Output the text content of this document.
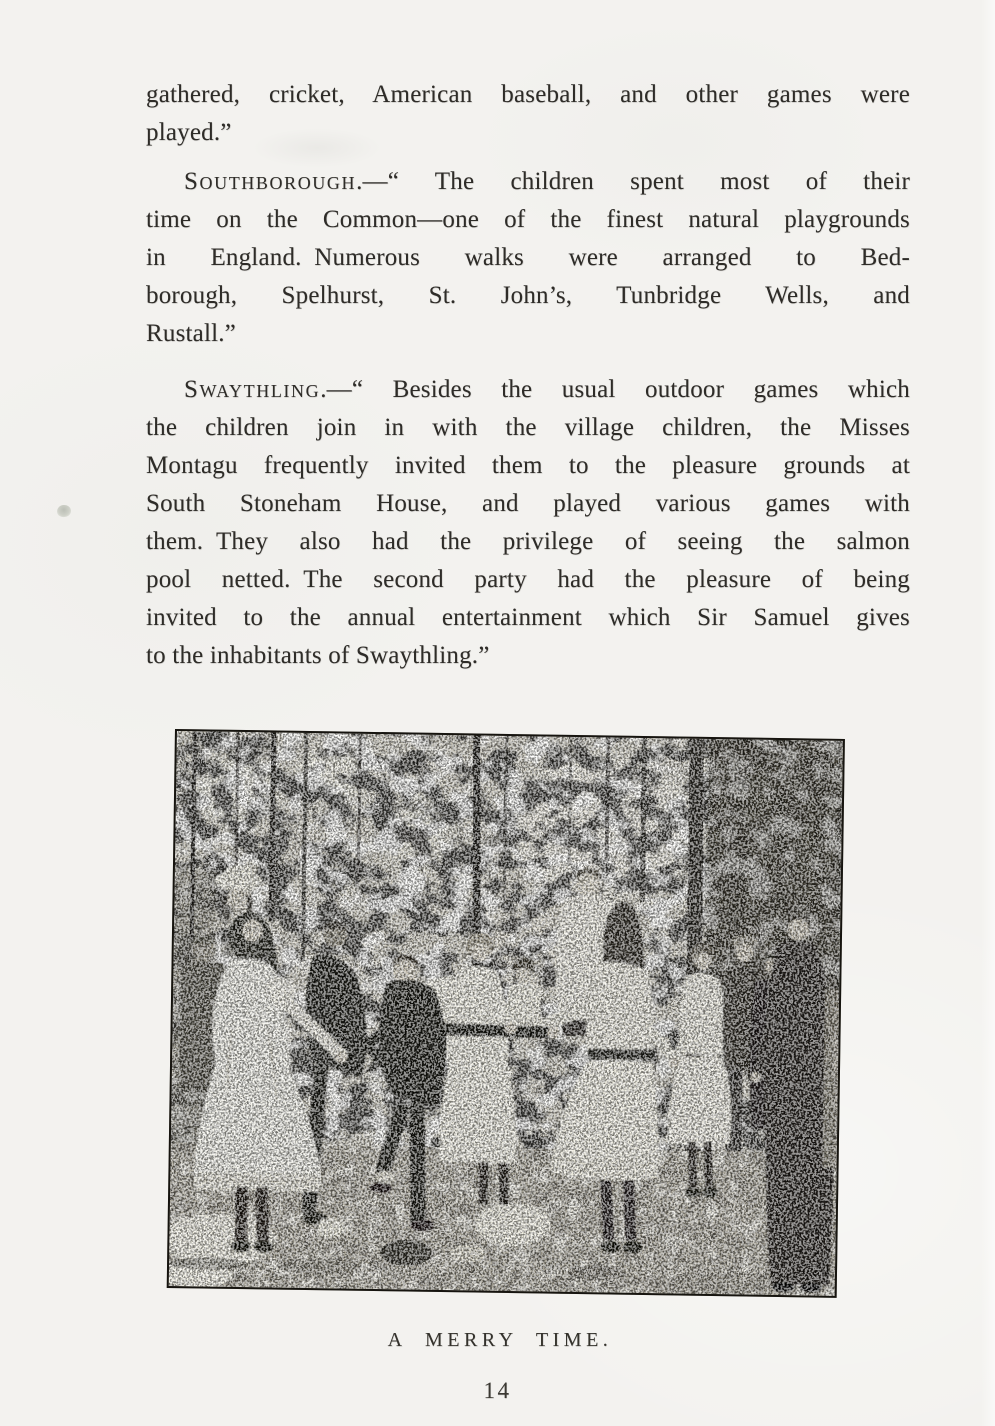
gathered, cricket, American baseball, and other games were
played.”

Southborough.—“ The children spent most of their
time on the Common—one of the finest natural playgrounds
in England. Numerous walks were arranged to Bed-
borough, Spelhurst, St. John’s, Tunbridge Wells, and
Rustall.”

Swaythling.—“ Besides the usual outdoor games which
the children join in with the village children, the Misses
Montagu frequently invited them to the pleasure grounds at
South Stoneham House, and played various games with
them. They also had the privilege of seeing the salmon
pool netted. The second party had the pleasure of being
invited to the annual entertainment which Sir Samuel gives
to the inhabitants of Swaythling.”

A MERRY TIME.
14
